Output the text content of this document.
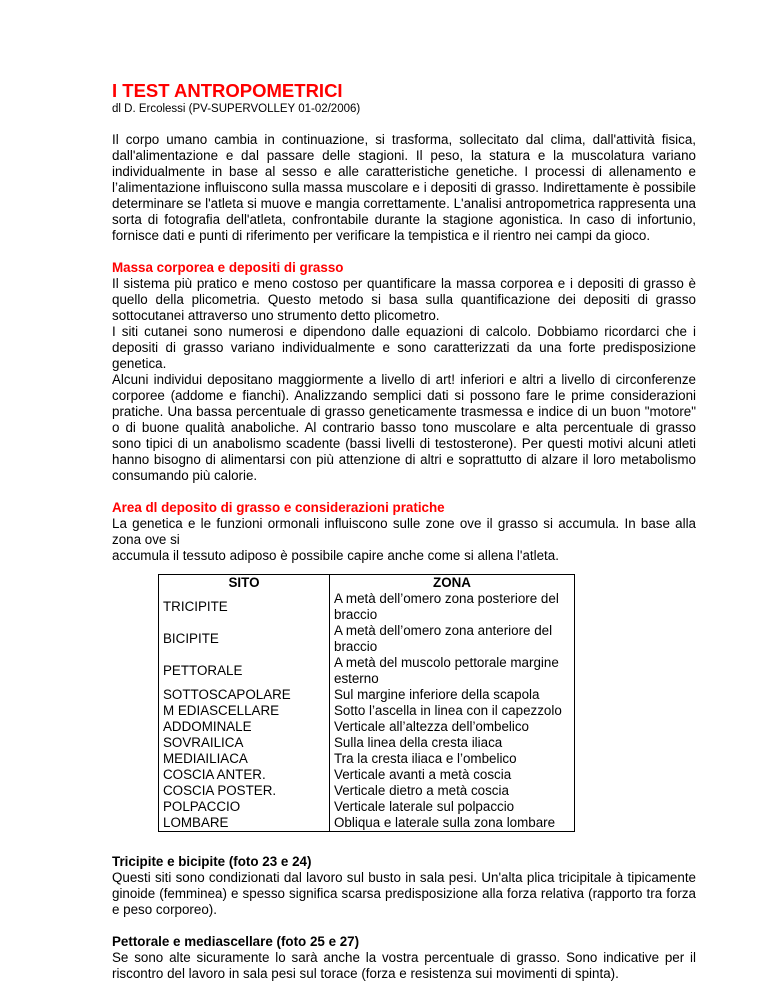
I TEST ANTROPOMETRICI
dl D. Ercolessi (PV-SUPERVOLLEY 01-02/2006)

Il corpo umano cambia in continuazione, si trasforma, sollecitato dal clima, dall'attività fisica, dall'alimentazione e dal passare delle stagioni. Il peso, la statura e la muscolatura variano individualmente in base al sesso e alle caratteristiche genetiche. I processi di allenamento e l’alimentazione influiscono sulla massa muscolare e i depositi di grasso. Indirettamente è possibile determinare se l'atleta si muove e mangia correttamente. L'analisi antropometrica rappresenta una sorta di fotografia dell'atleta, confrontabile durante la stagione agonistica. In caso di infortunio, fornisce dati e punti di riferimento per verificare la tempistica e il rientro nei campi da gioco.

Massa corporea e depositi di grasso

Il sistema più pratico e meno costoso per quantificare la massa corporea e i depositi di grasso è quello della plicometria. Questo metodo si basa sulla quantificazione dei depositi di grasso sottocutanei attraverso uno strumento detto plicometro.

I siti cutanei sono numerosi e dipendono dalle equazioni di calcolo. Dobbiamo ricordarci che i depositi di grasso variano individualmente e sono caratterizzati da una forte predisposizione genetica.

Alcuni individui depositano maggiormente a livello di art! inferiori e altri a livello di circonferenze corporee (addome e fianchi). Analizzando semplici dati si possono fare le prime considerazioni pratiche. Una bassa percentuale di grasso geneticamente trasmessa e indice di un buon "motore" o di buone qualità anaboliche. Al contrario basso tono muscolare e alta percentuale di grasso sono tipici di un anabolismo scadente (bassi livelli di testosterone). Per questi motivi alcuni atleti hanno bisogno di alimentarsi con più attenzione di altri e soprattutto di alzare il loro metabolismo consumando più calorie.

Area dl deposito di grasso e considerazioni pratiche
La genetica e le funzioni ormonali influiscono sulle zone ove il grasso si accumula. In base alla zona ove si
accumula il tessuto adiposo è possibile capire anche come si allena l'atleta.
SITO	ZONA
TRICIPITE	A metà dell’omero zona posteriore del braccio
BICIPITE	A metà dell’omero zona anteriore del braccio
PETTORALE	A metà del muscolo pettorale margine esterno
SOTTOSCAPOLARE	Sul margine inferiore della scapola
M EDIASCELLARE	Sotto l’ascella in linea con il capezzolo
ADDOMINALE	Verticale all’altezza dell’ombelico
SOVRAILICA	Sulla linea della cresta iliaca
MEDIAILIACA	Tra la cresta iliaca e l’ombelico
COSCIA ANTER.	Verticale avanti a metà coscia
COSCIA POSTER.	Verticale dietro a metà coscia
POLPACCIO	Verticale laterale sul polpaccio
LOMBARE	Obliqua e laterale sulla zona lombare
Tricipite e bicipite (foto 23 e 24)

Questi siti sono condizionati dal lavoro sul busto in sala pesi. Un'alta plica tricipitale à tipicamente ginoide (femminea) e spesso significa scarsa predisposizione alla forza relativa (rapporto tra forza e peso corporeo).

Pettorale e mediascellare (foto 25 e 27)

Se sono alte sicuramente lo sarà anche la vostra percentuale di grasso. Sono indicative per il riscontro del lavoro in sala pesi sul torace (forza e resistenza sui movimenti di spinta).
